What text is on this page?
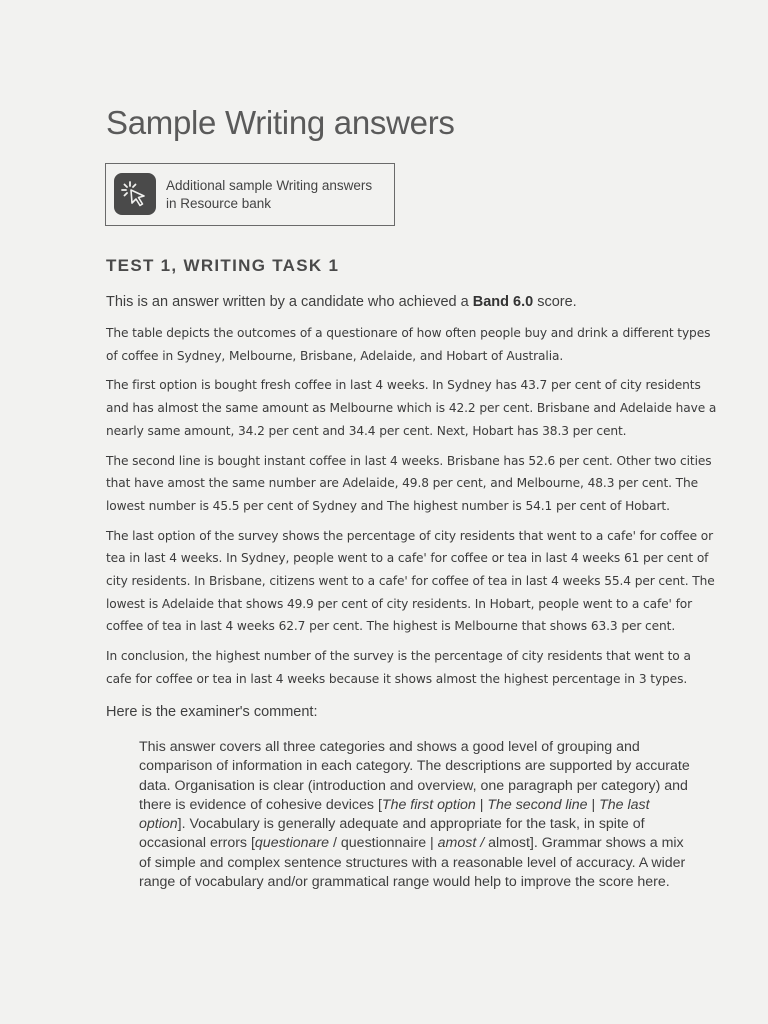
Sample Writing answers
Additional sample Writing answers
in Resource bank
TEST 1, WRITING TASK 1
This is an answer written by a candidate who achieved a Band 6.0 score.

The table depicts the outcomes of a questionare of how often people buy and drink a different types of coffee in Sydney, Melbourne, Brisbane, Adelaide, and Hobart of Australia.

The first option is bought fresh coffee in last 4 weeks. In Sydney has 43.7 per cent of city residents and has almost the same amount as Melbourne which is 42.2 per cent. Brisbane and Adelaide have a nearly same amount, 34.2 per cent and 34.4 per cent. Next, Hobart has 38.3 per cent.

The second line is bought instant coffee in last 4 weeks. Brisbane has 52.6 per cent. Other two cities that have amost the same number are Adelaide, 49.8 per cent, and Melbourne, 48.3 per cent. The lowest number is 45.5 per cent of Sydney and The highest number is 54.1 per cent of Hobart.

The last option of the survey shows the percentage of city residents that went to a cafe' for coffee or tea in last 4 weeks. In Sydney, people went to a cafe' for coffee or tea in last 4 weeks 61 per cent of city residents. In Brisbane, citizens went to a cafe' for coffee of tea in last 4 weeks 55.4 per cent. The lowest is Adelaide that shows 49.9 per cent of city residents. In Hobart, people went to a cafe' for coffee of tea in last 4 weeks 62.7 per cent. The highest is Melbourne that shows 63.3 per cent.

In conclusion, the highest number of the survey is the percentage of city residents that went to a cafe for coffee or tea in last 4 weeks because it shows almost the highest percentage in 3 types.

Here is the examiner's comment:
This answer covers all three categories and shows a good level of grouping and comparison of information in each category. The descriptions are supported by accurate data. Organisation is clear (introduction and overview, one paragraph per category) and there is evidence of cohesive devices [The first option | The second line | The last option]. Vocabulary is generally adequate and appropriate for the task, in spite of occasional errors [questionare / questionnaire | amost / almost]. Grammar shows a mix of simple and complex sentence structures with a reasonable level of accuracy. A wider range of vocabulary and/or grammatical range would help to improve the score here.
